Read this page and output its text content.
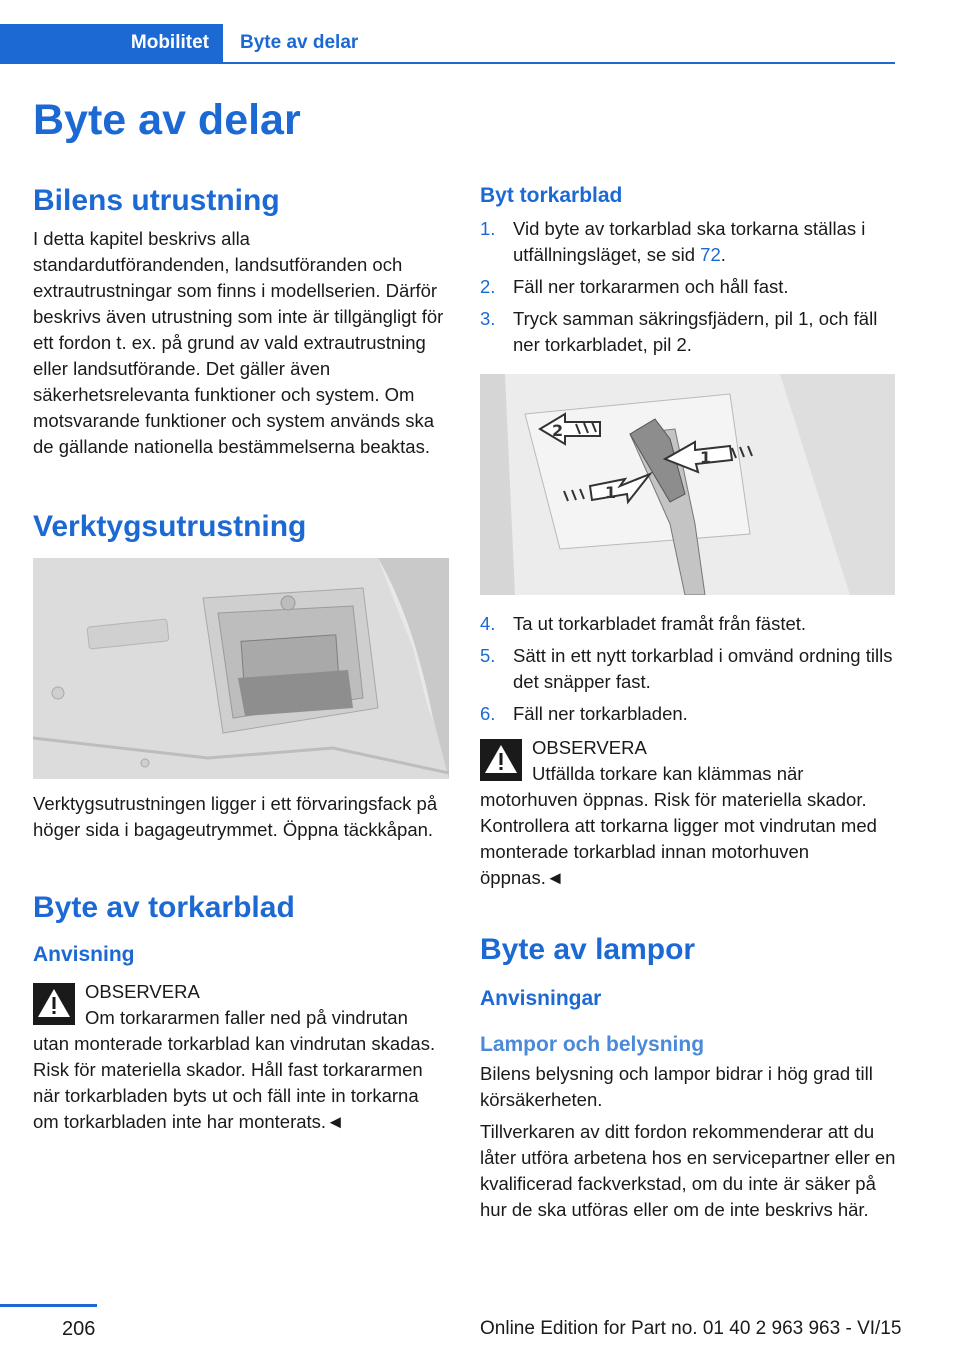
Mobilitet	Byte av delar
Byte av delar
Bilens utrustning

I detta kapitel beskrivs alla standardutförandenden, landsutföranden och extrautrustningar som finns i modellserien. Därför beskrivs även utrustning som inte är tillgängligt för ett fordon t. ex. på grund av vald extrautrustning eller landsutförande. Det gäller även säkerhetsrelevanta funktioner och system. Om motsvarande funktioner och system används ska de gällande nationella bestämmelserna beaktas.

Verktygsutrustning

Verktygsutrustningen ligger i ett förvaringsfack på höger sida i bagageutrymmet. Öppna täckkåpan.

Byte av torkarblad
Anvisning

OBSERVERA

Om torkararmen faller ned på vindrutan utan monterade torkarblad kan vindrutan skadas. Risk för materiella skador. Håll fast torkararmen när torkarbladen byts ut och fäll inte in torkarna om torkarbladen inte har monterats.◄

Byt torkarblad
1. Vid byte av torkarblad ska torkarna ställas i utfällningsläget, se sid 72.
2. Fäll ner torkararmen och håll fast.
3. Tryck samman säkringsfjädern, pil 1, och fäll ner torkarbladet, pil 2.
2
1
1
4. Ta ut torkarbladet framåt från fästet.
5. Sätt in ett nytt torkarblad i omvänd ordning tills det snäpper fast.
6. Fäll ner torkarbladen.

OBSERVERA

Utfällda torkare kan klämmas när motorhuven öppnas. Risk för materiella skador. Kontrollera att torkarna ligger mot vindrutan med monterade torkarblad innan motorhuven öppnas.◄

Byte av lampor
Anvisningar
Lampor och belysning

Bilens belysning och lampor bidrar i hög grad till körsäkerheten.

Tillverkaren av ditt fordon rekommenderar att du låter utföra arbetena hos en servicepartner eller en kvalificerad fackverkstad, om du inte är säker på hur de ska utföras eller om de inte beskrivs här.

206	Online Edition for Part no. 01 40 2 963 963 - VI/15
